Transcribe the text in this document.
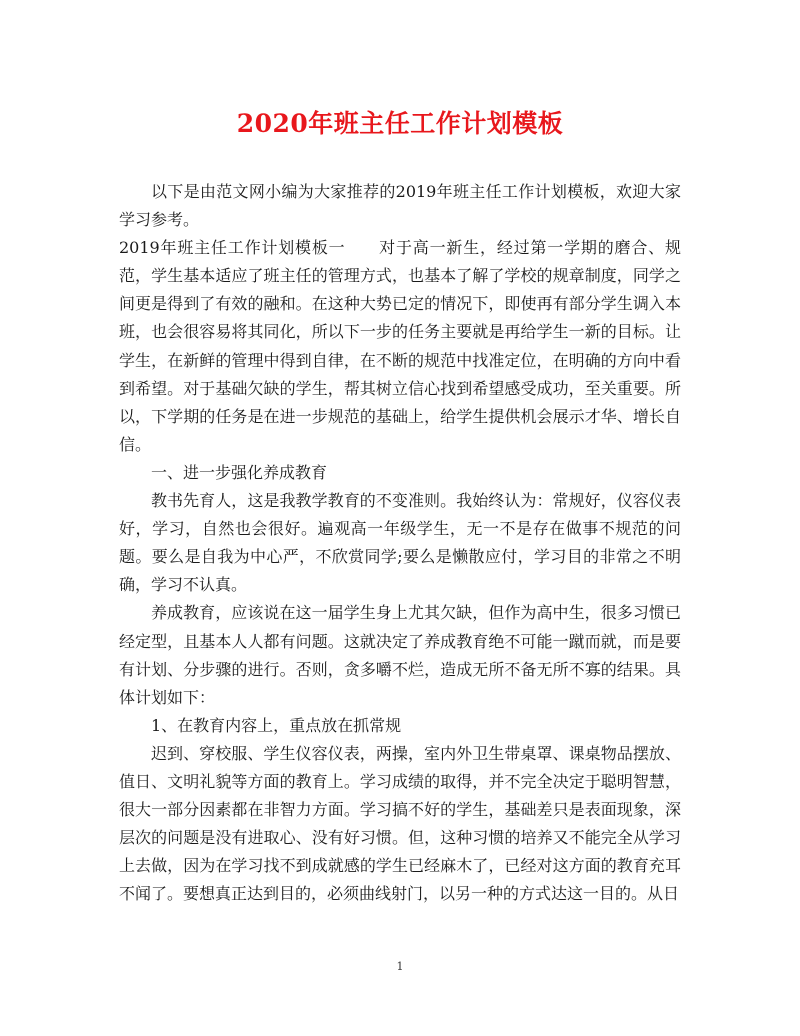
2020年班主任工作计划模板

以下是由范文网小编为大家推荐的2019年班主任工作计划模板，欢迎大家学习参考。

2019年班主任工作计划模板一　　对于高一新生，经过第一学期的磨合、规范，学生基本适应了班主任的管理方式，也基本了解了学校的规章制度，同学之间更是得到了有效的融和。在这种大势已定的情况下，即使再有部分学生调入本班，也会很容易将其同化，所以下一步的任务主要就是再给学生一新的目标。让学生，在新鲜的管理中得到自律，在不断的规范中找准定位，在明确的方向中看到希望。对于基础欠缺的学生，帮其树立信心找到希望感受成功，至关重要。所以，下学期的任务是在进一步规范的基础上，给学生提供机会展示才华、增长自信。

一、进一步强化养成教育

教书先育人，这是我教学教育的不变准则。我始终认为：常规好，仪容仪表好，学习，自然也会很好。遍观高一年级学生，无一不是存在做事不规范的问题。要么是自我为中心严，不欣赏同学;要么是懒散应付，学习目的非常之不明确，学习不认真。

养成教育，应该说在这一届学生身上尤其欠缺，但作为高中生，很多习惯已经定型，且基本人人都有问题。这就决定了养成教育绝不可能一蹴而就，而是要有计划、分步骤的进行。否则，贪多嚼不烂，造成无所不备无所不寡的结果。具体计划如下：

1、在教育内容上，重点放在抓常规

迟到、穿校服、学生仪容仪表，两操，室内外卫生带桌罩、课桌物品摆放、值日、文明礼貌等方面的教育上。学习成绩的取得，并不完全决定于聪明智慧，很大一部分因素都在非智力方面。学习搞不好的学生，基础差只是表面现象，深层次的问题是没有进取心、没有好习惯。但，这种习惯的培养又不能完全从学习上去做，因为在学习找不到成就感的学生已经麻木了，已经对这方面的教育充耳不闻了。要想真正达到目的，必须曲线射门，以另一种的方式达这一目的。从日

1
